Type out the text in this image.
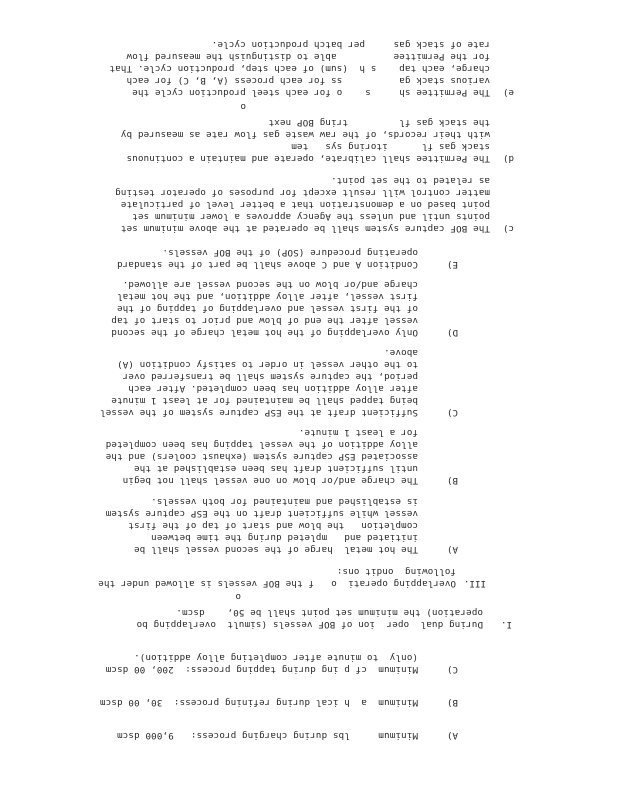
A)
Minimum     lbs during charging process:   9,000 dscm
B)
Minimum  a  h ical during refining process:  30, 00 dscm
C)
Minimum  cf p ing during tapping process:  200, 00 dscm
(only  to minute after completing alloy addition).
I.
During dual  oper  ion of BOF vessels (simult  overlapping bo
operation) the minimum set point shall be 50,    dscm.
III.
Overlapping operati  o   f the BOF vessels is allowed under the
following  ondit ons:
A)
The hot metal  harge of the second vessel shall be
initiated and   mpleted during the time between
completion   the blow and start of tap of the first
vessel while sufficient draft on the ESP capture system
is established and maintained for both vessels.
B)
The charge and/or blow on one vessel shall not begin
until sufficient draft has been established at the
associated ESP capture system (exhaust coolers) and the
alloy addition of the vessel tapping has been completed
for a least 1 minute.
C)
Sufficient draft at the ESP capture system of the vessel
being tapped shall be maintained for at least 1 minute
after alloy addition has been completed. After each
period, the capture system shall be transferred over
to the other vessel in order to satisfy condition (A)
above.
D)
Only overlapping of the hot metal charge of the second
vessel after the end of blow and prior to start of tap
of the first vessel and overlapping of tapping of the
first vessel, after alloy addition, and the hot metal
charge and/or blow on the second vessel are allowed.
E)
Condition A and C above shall be part of the standard
operating procedure (SOP) of the BOF vessels.
c)
The BOF capture system shall be operated at the above minimum set
points until and unless the Agency approves a lower minimum set
point based on a demonstration that a better level of particulate
matter control will result except for purposes of operator testing
as related to the set point.
d)
The Permittee shall calibrate, operate and maintain a continuous
stack gas fl      itoring sys   tem
with their records, of the raw waste gas flow rate as measured by
the stack gas fl         tring BOP next
e)
The Permittee sh     s    o for each steel production cycle the
various stack ga          ss for each process (A, B, C) for each
charge, each tap    s h  (sum) of each step, production cycle. That
for the Permittee          able to distinguish the measured flow
rate of stack gas     per batch production cycle.
o
o
